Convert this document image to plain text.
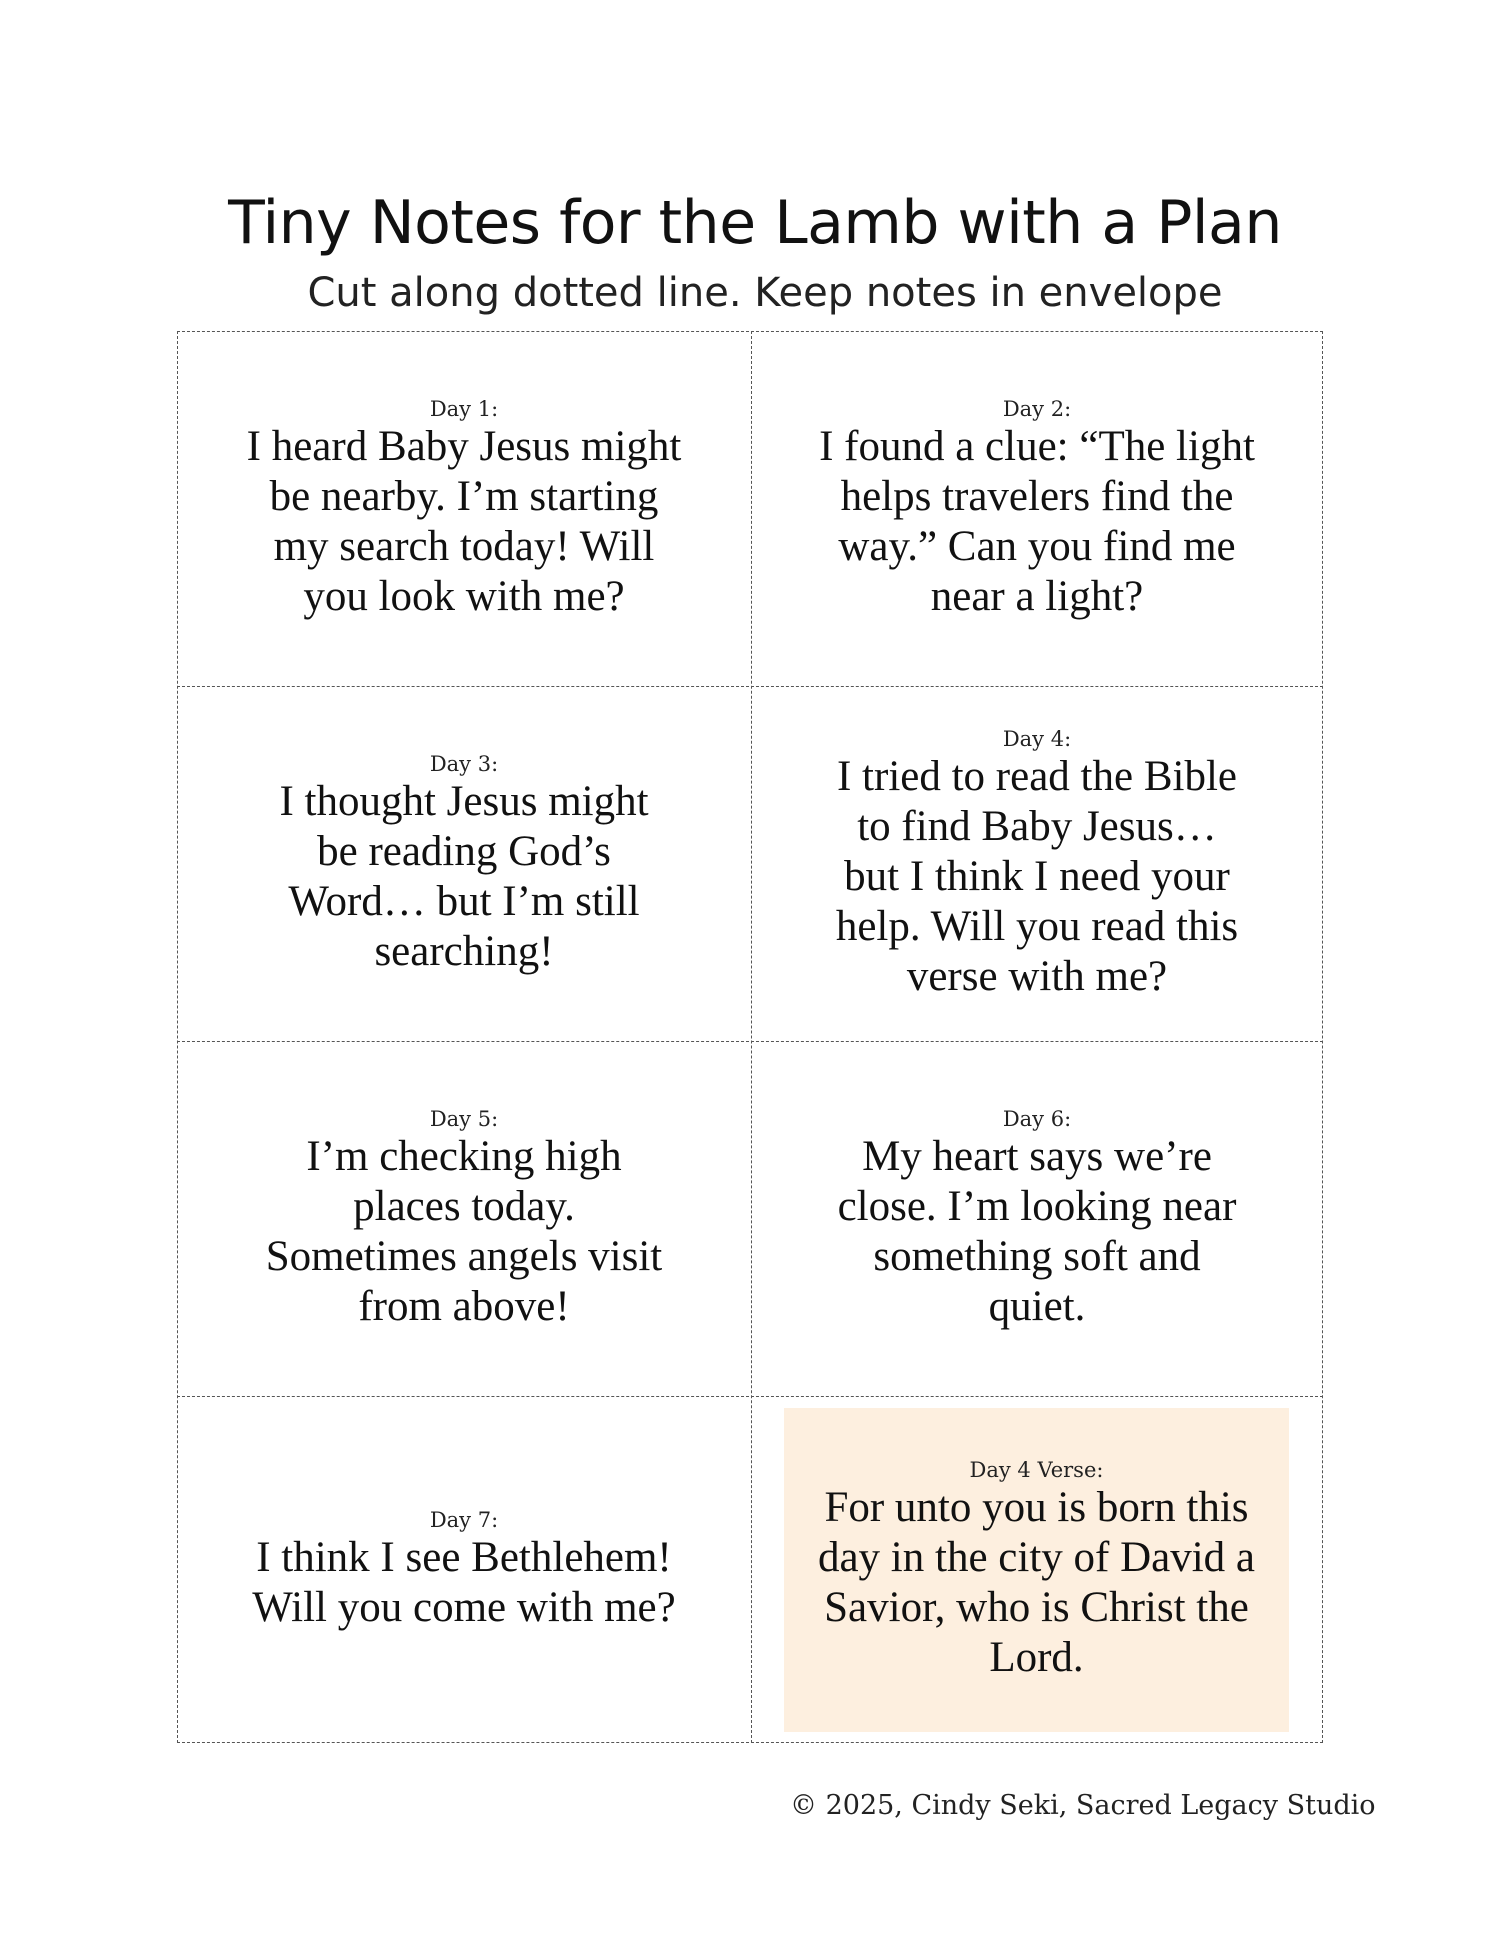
Tiny Notes for the Lamb with a Plan
Cut along dotted line. Keep notes in envelope
Day 1:
I heard Baby Jesus might
be nearby. I’m starting
my search today! Will
you look with me?
Day 2:
I found a clue: “The light
helps travelers find the
way.” Can you find me
near a light?
Day 3:
I thought Jesus might
be reading God’s
Word… but I’m still
searching!
Day 4:
I tried to read the Bible
to find Baby Jesus…
but I think I need your
help. Will you read this
verse with me?
Day 5:
I’m checking high
places today.
Sometimes angels visit
from above!
Day 6:
My heart says we’re
close. I’m looking near
something soft and
quiet.
Day 7:
I think I see Bethlehem!
Will you come with me?
Day 4 Verse:
For unto you is born this
day in the city of David a
Savior, who is Christ the
Lord.
© 2025, Cindy Seki, Sacred Legacy Studio
